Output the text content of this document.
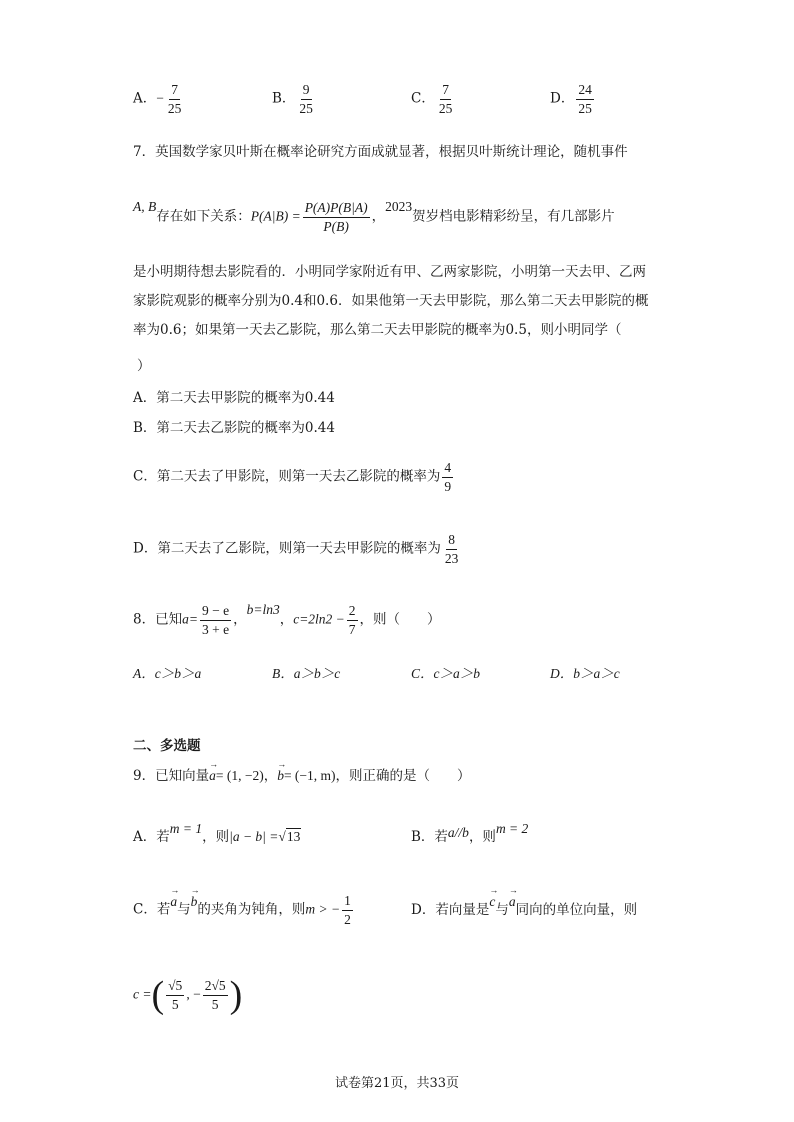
A．− $\frac{7}{25}$	B． $\frac{9}{25}$	C． $\frac{7}{25}$	D． $\frac{24}{25}$
7．英国数学家贝叶斯在概率论研究方面成就显著，根据贝叶斯统计理论，随机事件
A, B存在如下关系：$P(A|B) = \frac{P(A)P(B|A)}{P(B)}$ ，2023贺岁档电影精彩纷呈，有几部影片
是小明期待想去影院看的．小明同学家附近有甲、乙两家影院，小明第一天去甲、乙两家影院观影的概率分别为0.4和0.6．如果他第一天去甲影院，那么第二天去甲影院的概率为0.6；如果第一天去乙影院，那么第二天去甲影院的概率为0.5，则小明同学（
）
A．第二天去甲影院的概率为0.44
B．第二天去乙影院的概率为0.44
C．第二天去了甲影院，则第一天去乙影院的概率为 $\frac{4}{9}$
D．第二天去了乙影院，则第一天去甲影院的概率为 $\frac{8}{23}$
8．已知$a= \frac{9 - e}{3 + e}$ ，b=ln3，$c=2\ln 2 - \frac{2}{7}$ ，则（　　）
A．c＞b＞a	B．a＞b＞c	C．c＞a＞b	D．b＞a＞c
二、多选题
9．已知向量→ a= (1, −2)，→ b= (−1, m)，则正确的是（　　）
A．若m = 1，则|a − b| =√13	B．若a//b，则m = 2
C．若→ a与→ b的夹角为钝角，则m > − $\frac{1}{2}$	D．若向量是→ c与→ a同向的单位向量，则
c =( $\frac{√5}{5}$ , − $\frac{2√5}{5}$ )
试卷第21页，共33页
